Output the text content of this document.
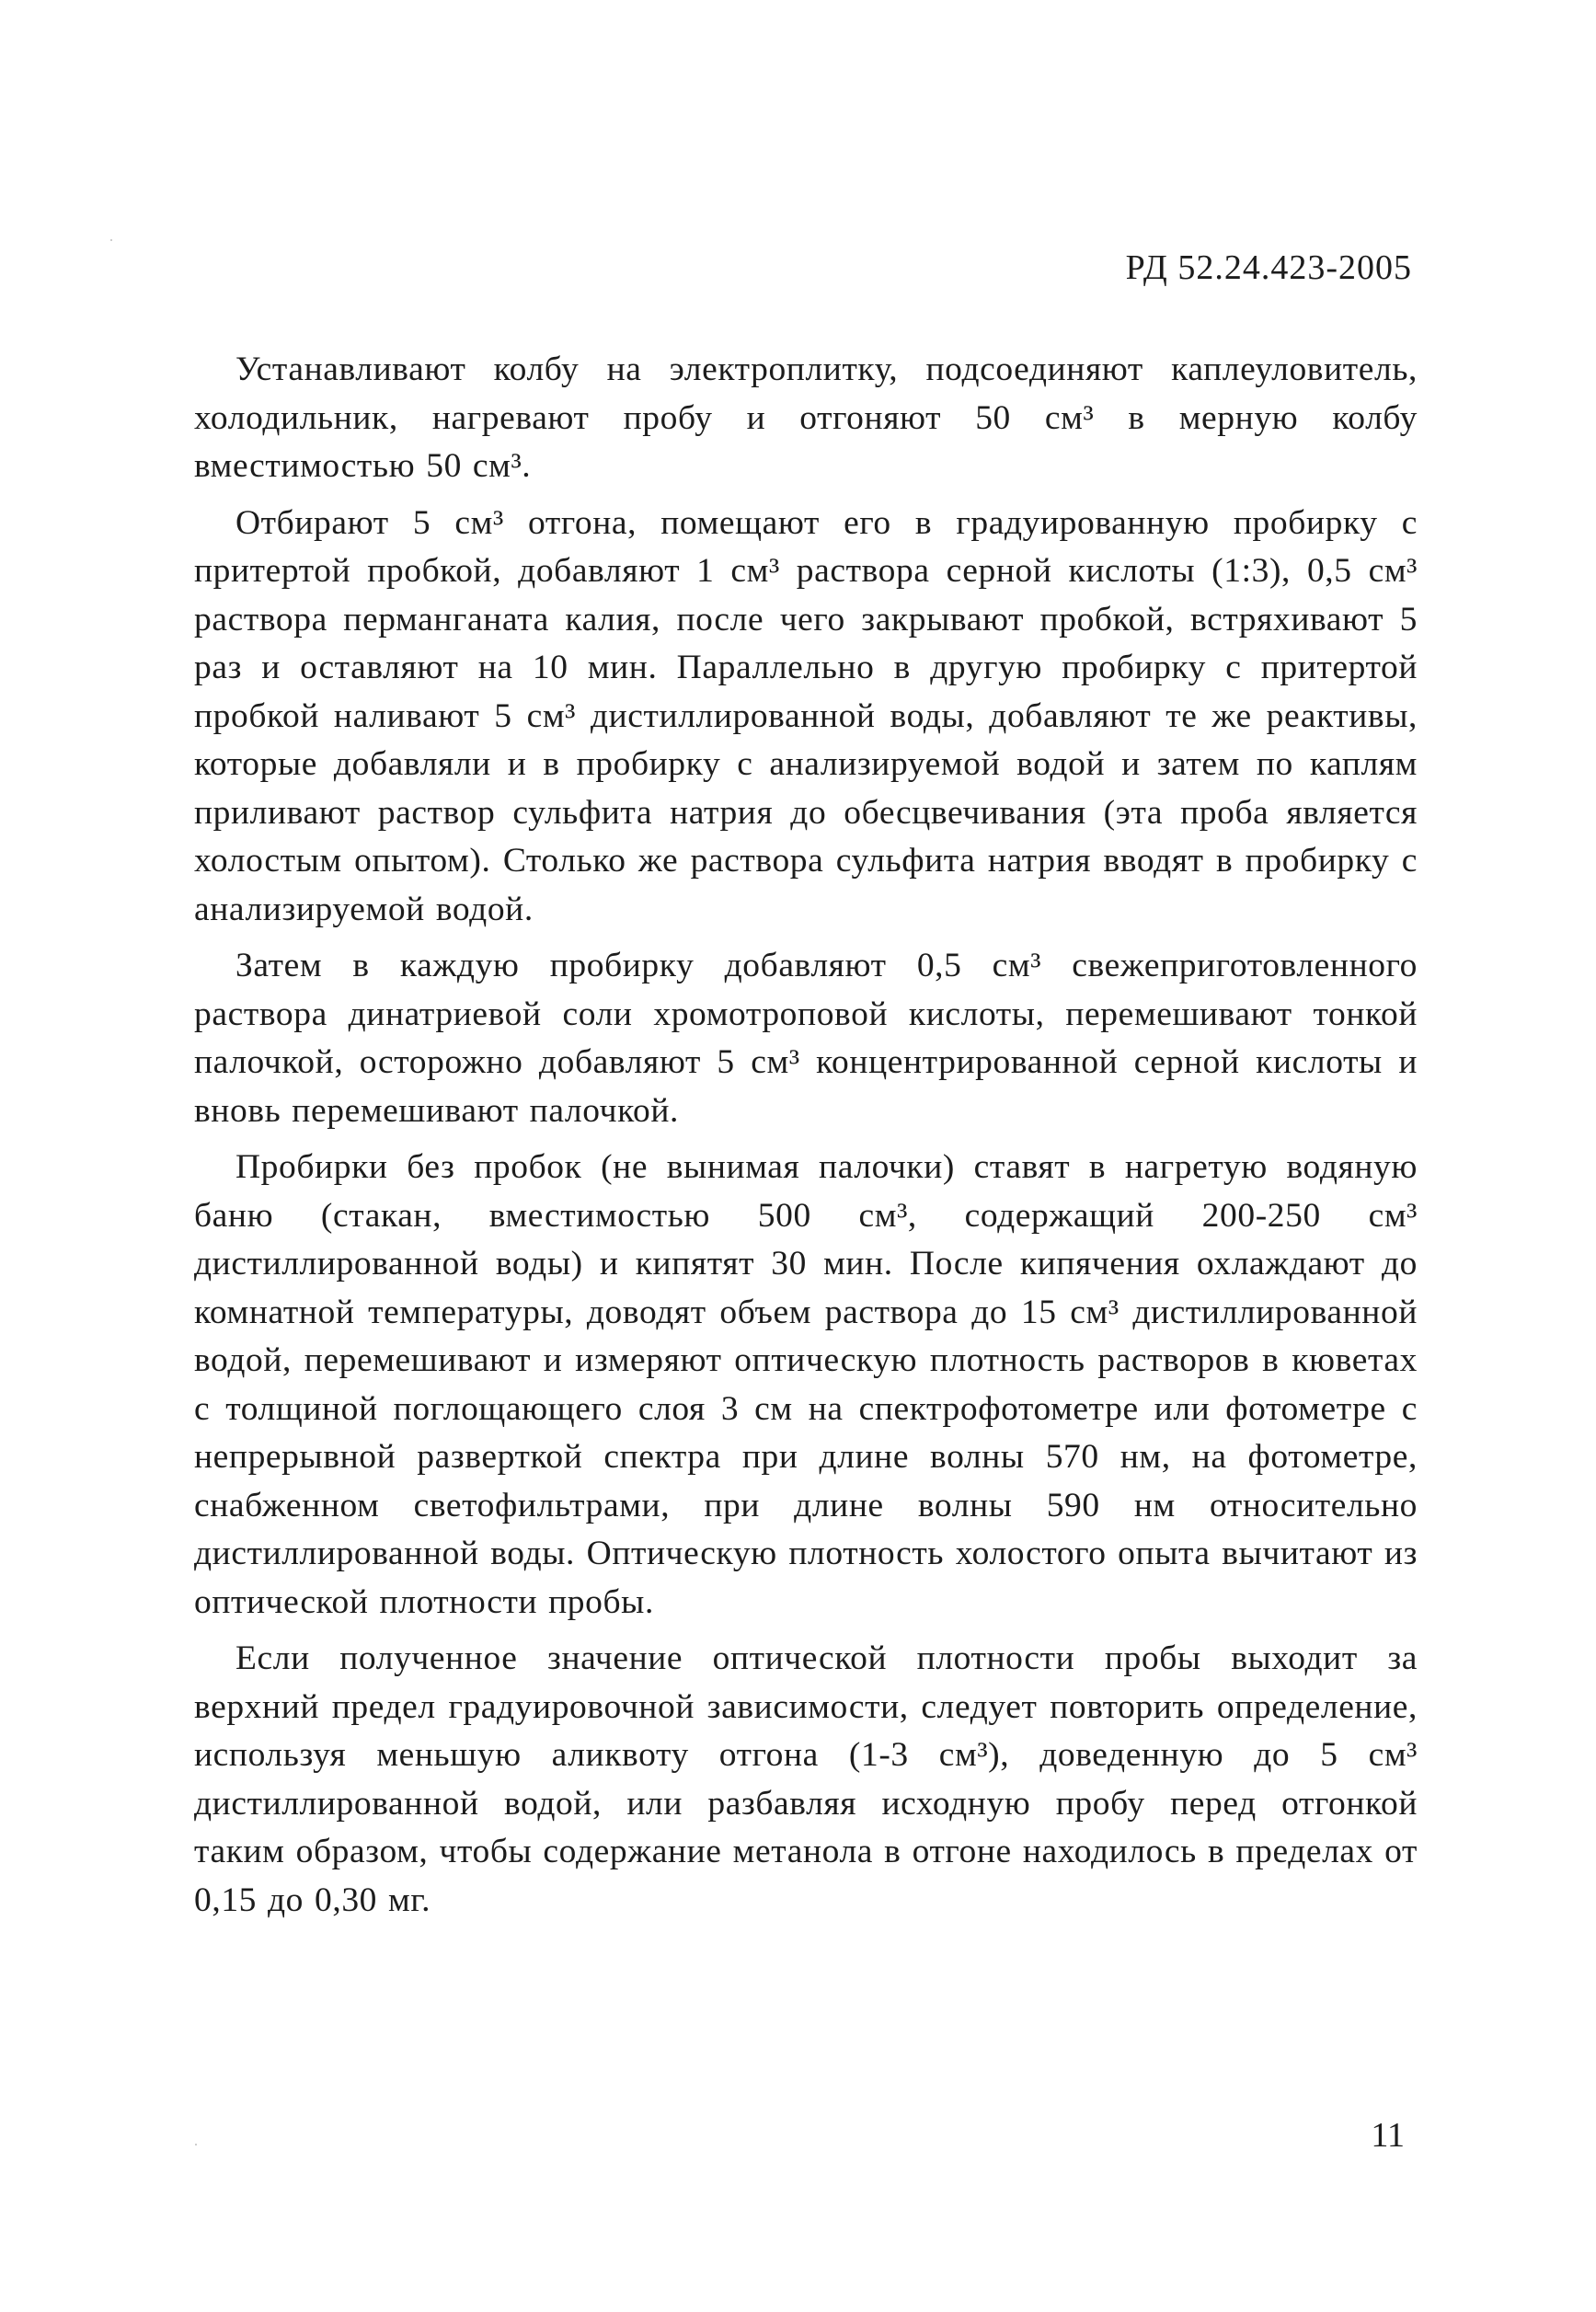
РД 52.24.423-2005

Устанавливают колбу на электроплитку, подсоединяют каплеуловитель, холодильник, нагревают пробу и отгоняют 50 см³ в мерную колбу вместимостью 50 см³.

Отбирают 5 см³ отгона, помещают его в градуированную пробирку с притертой пробкой, добавляют 1 см³ раствора серной кислоты (1:3), 0,5 см³ раствора перманганата калия, после чего закрывают пробкой, встряхивают 5 раз и оставляют на 10 мин. Параллельно в другую пробирку с притертой пробкой наливают 5 см³ дистиллированной воды, добавляют те же реактивы, которые добавляли и в пробирку с анализируемой водой и затем по каплям приливают раствор сульфита натрия до обесцвечивания (эта проба является холостым опытом). Столько же раствора сульфита натрия вводят в пробирку с анализируемой водой.

Затем в каждую пробирку добавляют 0,5 см³ свежеприготовленного раствора динатриевой соли хромотроповой кислоты, перемешивают тонкой палочкой, осторожно добавляют 5 см³ концентрированной серной кислоты и вновь перемешивают палочкой.

Пробирки без пробок (не вынимая палочки) ставят в нагретую водяную баню (стакан, вместимостью 500 см³, содержащий 200-250 см³ дистиллированной воды) и кипятят 30 мин. После кипячения охлаждают до комнатной температуры, доводят объем раствора до 15 см³ дистиллированной водой, перемешивают и измеряют оптическую плотность растворов в кюветах с толщиной поглощающего слоя 3 см на спектрофотометре или фотометре с непрерывной разверткой спектра при длине волны 570 нм, на фотометре, снабженном светофильтрами, при длине волны 590 нм относительно дистиллированной воды. Оптическую плотность холостого опыта вычитают из оптической плотности пробы.

Если полученное значение оптической плотности пробы выходит за верхний предел градуировочной зависимости, следует повторить определение, используя меньшую аликвоту отгона (1-3 см³), доведенную до 5 см³ дистиллированной водой, или разбавляя исходную пробу перед отгонкой таким образом, чтобы содержание метанола в отгоне находилось в пределах от 0,15 до 0,30 мг.

11
